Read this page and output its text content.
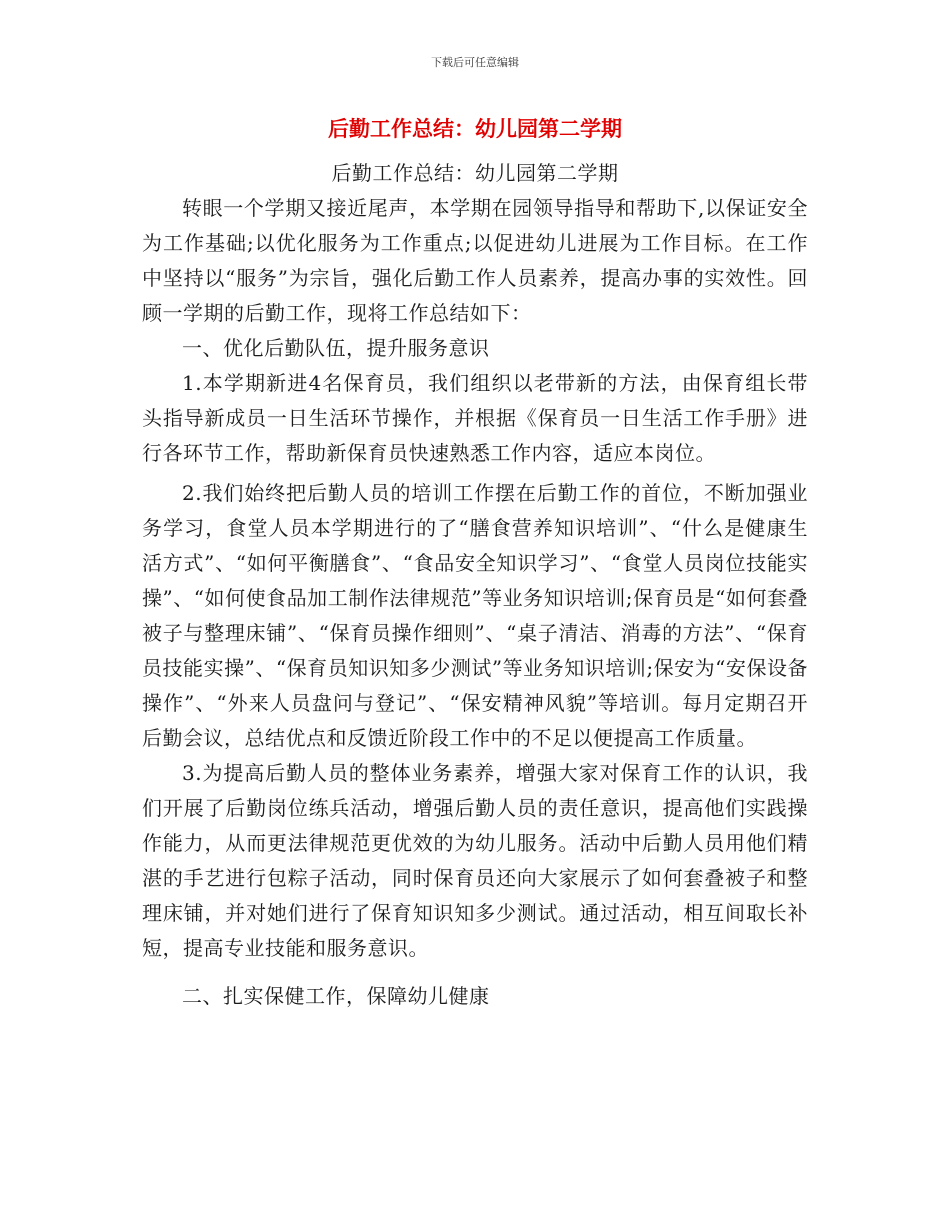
下载后可任意编辑
后勤工作总结：幼儿园第二学期

后勤工作总结：幼儿园第二学期

转眼一个学期又接近尾声，本学期在园领导指导和帮助下,以保证安全为工作基础;以优化服务为工作重点;以促进幼儿进展为工作目标。在工作中坚持以“服务”为宗旨，强化后勤工作人员素养，提高办事的实效性。回顾一学期的后勤工作，现将工作总结如下：

一、优化后勤队伍，提升服务意识

1.本学期新进4名保育员，我们组织以老带新的方法，由保育组长带头指导新成员一日生活环节操作，并根据《保育员一日生活工作手册》进行各环节工作，帮助新保育员快速熟悉工作内容，适应本岗位。

2.我们始终把后勤人员的培训工作摆在后勤工作的首位，不断加强业务学习，食堂人员本学期进行的了“膳食营养知识培训”、“什么是健康生活方式”、“如何平衡膳食”、“食品安全知识学习”、“食堂人员岗位技能实操”、“如何使食品加工制作法律规范”等业务知识培训;保育员是“如何套叠被子与整理床铺”、“保育员操作细则”、“桌子清洁、消毒的方法”、“保育员技能实操”、“保育员知识知多少测试”等业务知识培训;保安为“安保设备操作”、“外来人员盘问与登记”、“保安精神风貌”等培训。每月定期召开后勤会议，总结优点和反馈近阶段工作中的不足以便提高工作质量。

3.为提高后勤人员的整体业务素养，增强大家对保育工作的认识，我们开展了后勤岗位练兵活动，增强后勤人员的责任意识，提高他们实践操作能力，从而更法律规范更优效的为幼儿服务。活动中后勤人员用他们精湛的手艺进行包粽子活动，同时保育员还向大家展示了如何套叠被子和整理床铺，并对她们进行了保育知识知多少测试。通过活动，相互间取长补短，提高专业技能和服务意识。

二、扎实保健工作，保障幼儿健康
